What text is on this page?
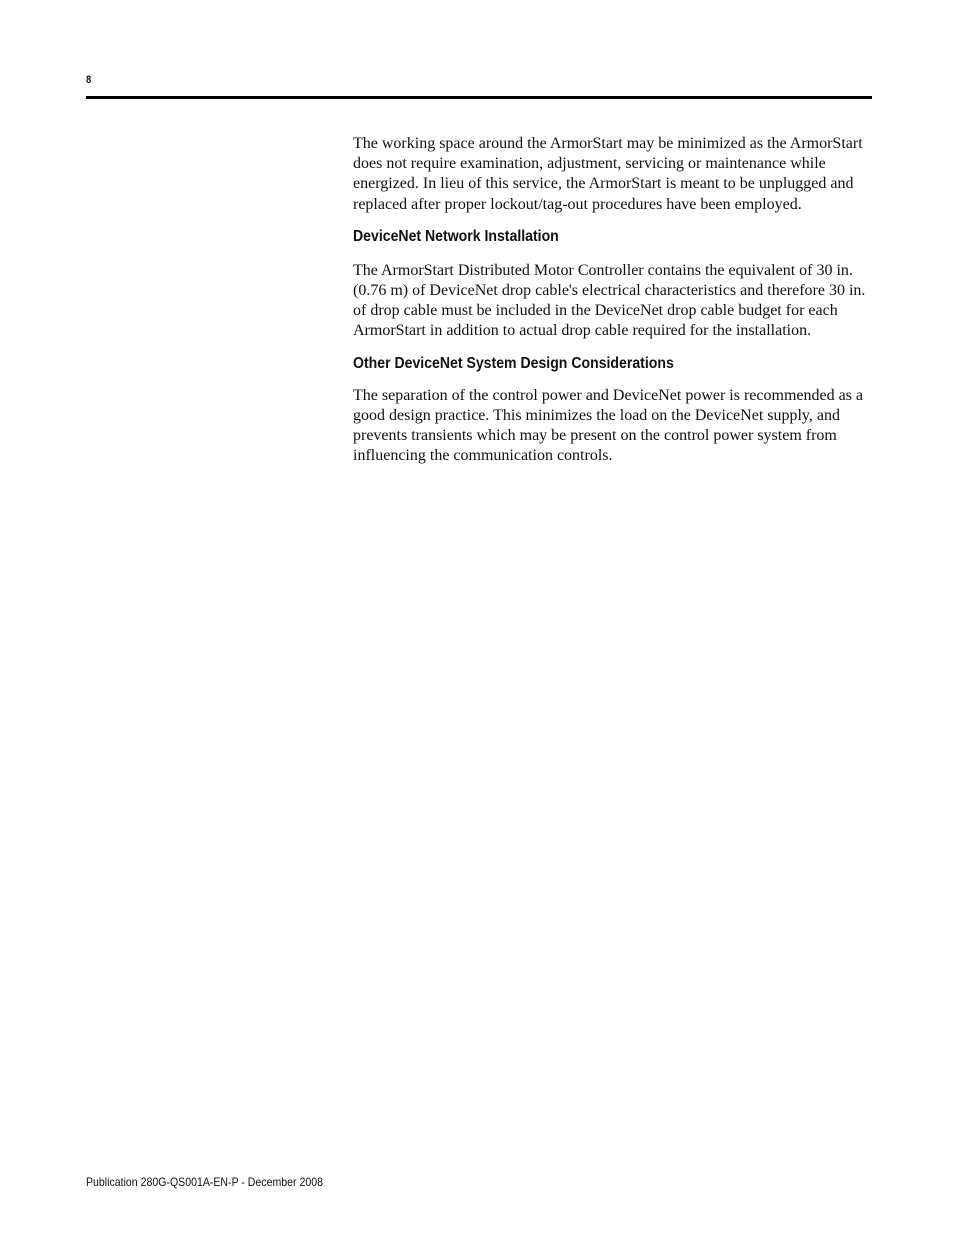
8

The working space around the ArmorStart may be minimized as the ArmorStart does not require examination, adjustment, servicing or maintenance while energized. In lieu of this service, the ArmorStart is meant to be unplugged and replaced after proper lockout/tag-out procedures have been employed.

DeviceNet Network Installation

The ArmorStart Distributed Motor Controller contains the equivalent of 30 in. (0.76 m) of DeviceNet drop cable's electrical characteristics and therefore 30 in. of drop cable must be included in the DeviceNet drop cable budget for each ArmorStart in addition to actual drop cable required for the installation.

Other DeviceNet System Design Considerations

The separation of the control power and DeviceNet power is recommended as a good design practice. This minimizes the load on the DeviceNet supply, and prevents transients which may be present on the control power system from influencing the communication controls.

Publication 280G-QS001A-EN-P - December 2008
